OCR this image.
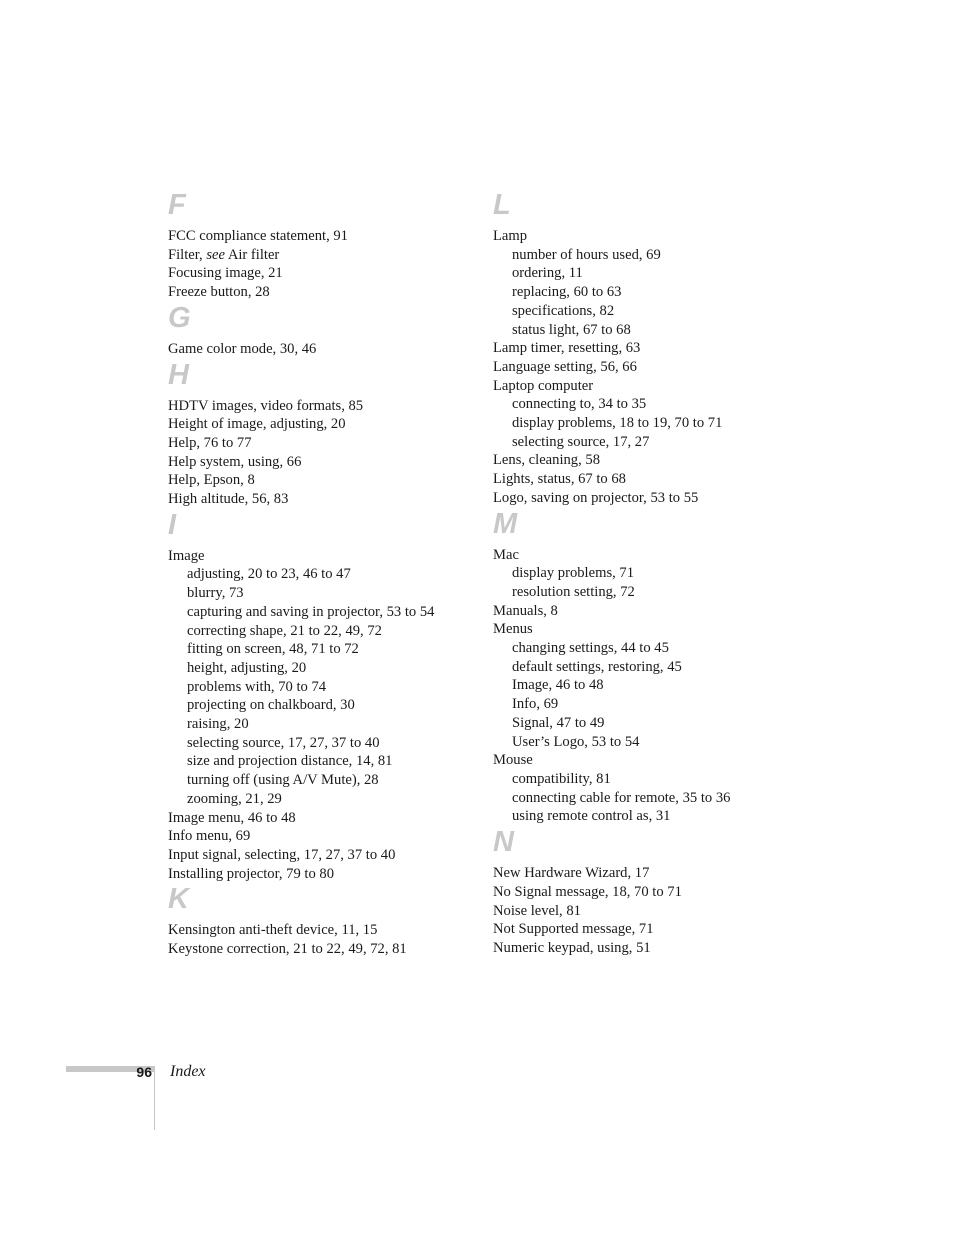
F
FCC compliance statement, 91
Filter, see Air filter
Focusing image, 21
Freeze button, 28
G
Game color mode, 30, 46
H
HDTV images, video formats, 85
Height of image, adjusting, 20
Help, 76 to 77
Help system, using, 66
Help, Epson, 8
High altitude, 56, 83
I
Image
adjusting, 20 to 23, 46 to 47
blurry, 73
capturing and saving in projector, 53 to 54
correcting shape, 21 to 22, 49, 72
fitting on screen, 48, 71 to 72
height, adjusting, 20
problems with, 70 to 74
projecting on chalkboard, 30
raising, 20
selecting source, 17, 27, 37 to 40
size and projection distance, 14, 81
turning off (using A/V Mute), 28
zooming, 21, 29
Image menu, 46 to 48
Info menu, 69
Input signal, selecting, 17, 27, 37 to 40
Installing projector, 79 to 80
K
Kensington anti-theft device, 11, 15
Keystone correction, 21 to 22, 49, 72, 81
L
Lamp
number of hours used, 69
ordering, 11
replacing, 60 to 63
specifications, 82
status light, 67 to 68
Lamp timer, resetting, 63
Language setting, 56, 66
Laptop computer
connecting to, 34 to 35
display problems, 18 to 19, 70 to 71
selecting source, 17, 27
Lens, cleaning, 58
Lights, status, 67 to 68
Logo, saving on projector, 53 to 55
M
Mac
display problems, 71
resolution setting, 72
Manuals, 8
Menus
changing settings, 44 to 45
default settings, restoring, 45
Image, 46 to 48
Info, 69
Signal, 47 to 49
User’s Logo, 53 to 54
Mouse
compatibility, 81
connecting cable for remote, 35 to 36
using remote control as, 31
N
New Hardware Wizard, 17
No Signal message, 18, 70 to 71
Noise level, 81
Not Supported message, 71
Numeric keypad, using, 51
96 Index
